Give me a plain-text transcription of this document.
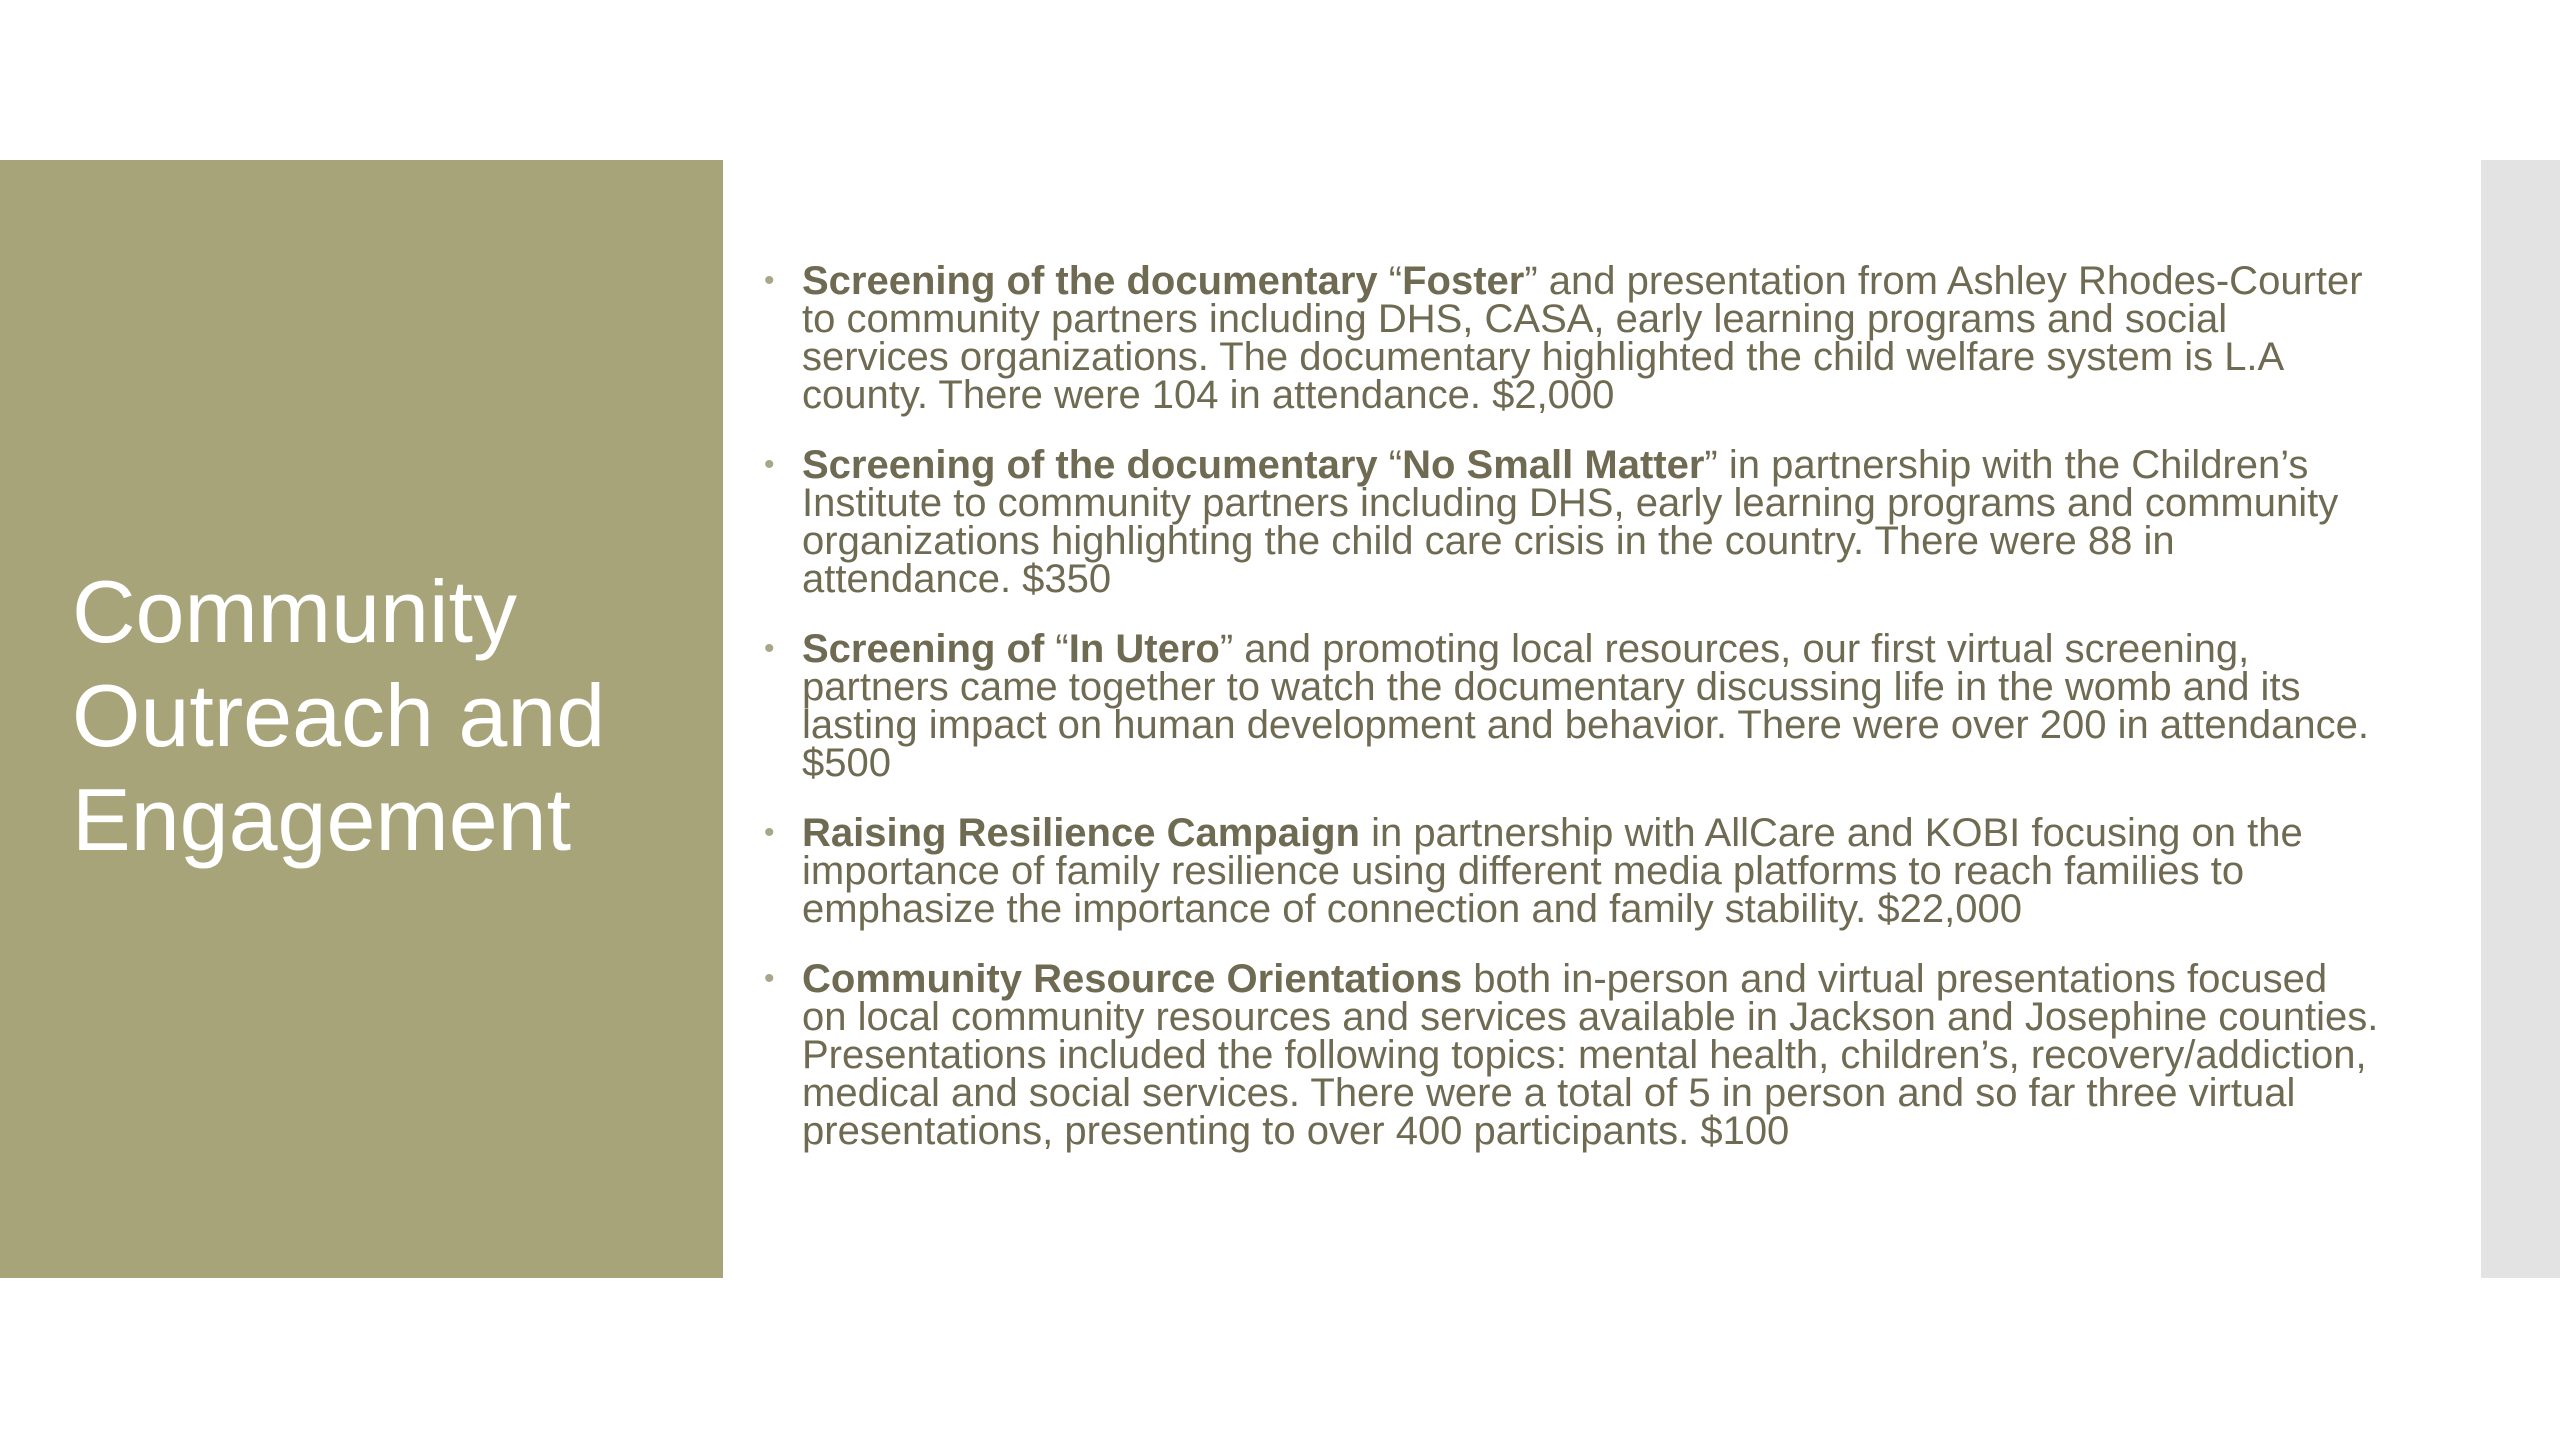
Community
Outreach and
Engagement
• Screening of the documentary “Foster” and presentation from Ashley Rhodes-Courter to community partners including DHS, CASA, early learning programs and social services organizations. The documentary highlighted the child welfare system is L.A county. There were 104 in attendance. $2,000
• Screening of the documentary “No Small Matter” in partnership with the Children’s Institute to community partners including DHS, early learning programs and community organizations highlighting the child care crisis in the country. There were 88 in attendance. $350
• Screening of “In Utero” and promoting local resources, our first virtual screening, partners came together to watch the documentary discussing life in the womb and its lasting impact on human development and behavior. There were over 200 in attendance. $500
• Raising Resilience Campaign in partnership with AllCare and KOBI focusing on the importance of family resilience using different media platforms to reach families to emphasize the importance of connection and family stability. $22,000
• Community Resource Orientations both in-person and virtual presentations focused on local community resources and services available in Jackson and Josephine counties. Presentations included the following topics: mental health, children’s, recovery/addiction, medical and social services. There were a total of 5 in person and so far three virtual presentations, presenting to over 400 participants. $100
